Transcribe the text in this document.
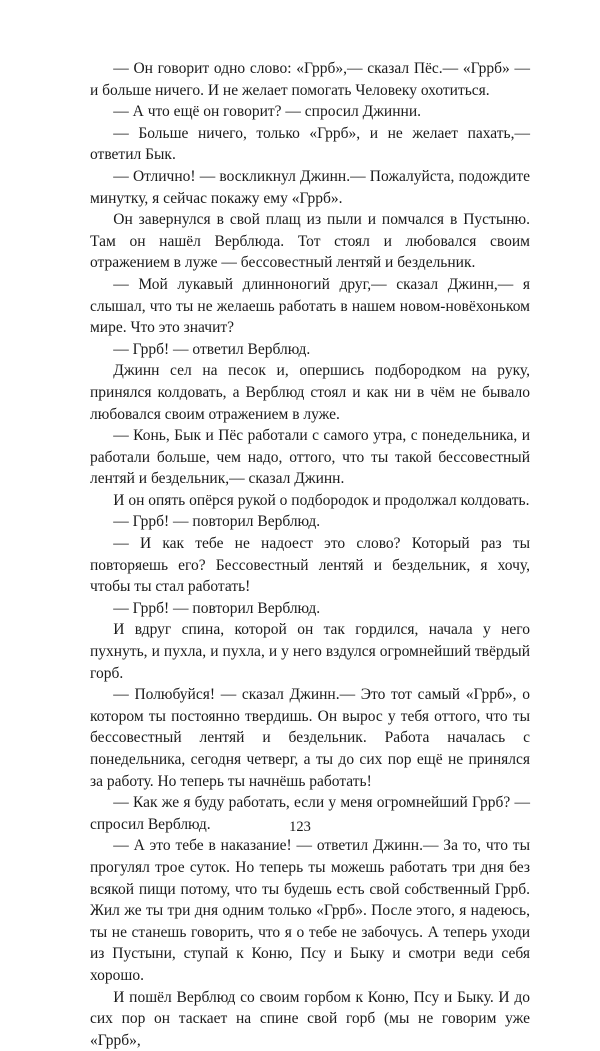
— Он говорит одно слово: «Гррб»,— сказал Пёс.— «Гррб» — и больше ничего. И не желает помогать Человеку охотиться.

— А что ещё он говорит? — спросил Джинни.

— Больше ничего, только «Гррб», и не желает пахать,— ответил Бык.

— Отлично! — воскликнул Джинн.— Пожалуйста, подождите минутку, я сейчас покажу ему «Гррб».

Он завернулся в свой плащ из пыли и помчался в Пустыню. Там он нашёл Верблюда. Тот стоял и любовался своим отражением в луже — бессовестный лентяй и бездельник.

— Мой лукавый длинноногий друг,— сказал Джинн,— я слышал, что ты не желаешь работать в нашем новом-новёхоньком мире. Что это значит?

— Гррб! — ответил Верблюд.

Джинн сел на песок и, опершись подбородком на руку, принялся колдовать, а Верблюд стоял и как ни в чём не бывало любовался своим отражением в луже.

— Конь, Бык и Пёс работали с самого утра, с понедельника, и работали больше, чем надо, оттого, что ты такой бессовестный лентяй и бездельник,— сказал Джинн.

И он опять опёрся рукой о подбородок и продолжал колдовать.

— Гррб! — повторил Верблюд.

— И как тебе не надоест это слово? Который раз ты повторяешь его? Бессовестный лентяй и бездельник, я хочу, чтобы ты стал работать!

— Гррб! — повторил Верблюд.

И вдруг спина, которой он так гордился, начала у него пухнуть, и пухла, и пухла, и у него вздулся огромнейший твёрдый горб.

— Полюбуйся! — сказал Джинн.— Это тот самый «Гррб», о котором ты постоянно твердишь. Он вырос у тебя оттого, что ты бессовестный лентяй и бездельник. Работа началась с понедельника, сегодня четверг, а ты до сих пор ещё не принялся за работу. Но теперь ты начнёшь работать!

— Как же я буду работать, если у меня огромнейший Гррб? — спросил Верблюд.

— А это тебе в наказание! — ответил Джинн.— За то, что ты прогулял трое суток. Но теперь ты можешь работать три дня без всякой пищи потому, что ты будешь есть свой собственный Гррб. Жил же ты три дня одним только «Гррб». После этого, я надеюсь, ты не станешь говорить, что я о тебе не забочусь. А теперь уходи из Пустыни, ступай к Коню, Псу и Быку и смотри веди себя хорошо.

И пошёл Верблюд со своим горбом к Коню, Псу и Быку. И до сих пор он таскает на спине свой горб (мы не говорим уже «Гррб»,

123
